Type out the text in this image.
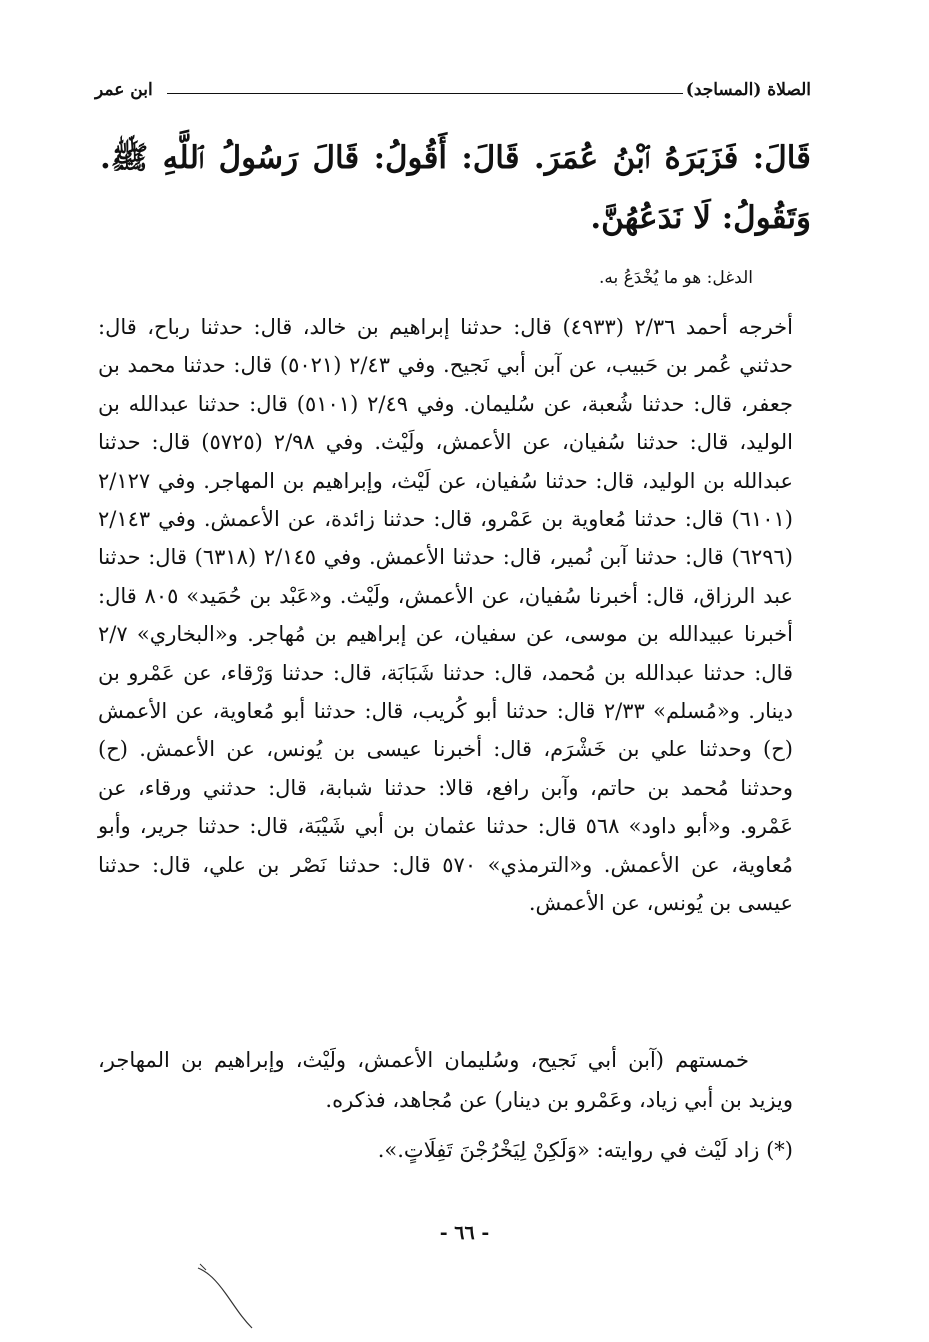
الصلاة (المساجد)
ابن عمر
قَالَ: فَزَبَرَهُ ٱبْنُ عُمَرَ. قَالَ: أَقُولُ: قَالَ رَسُولُ ٱللَّهِ ﷺ. وَتَقُولُ: لَا نَدَعُهُنَّ.
الدغل: هو ما يُخْدَعُ به.
أخرجه أحمد ٢/٣٦ (٤٩٣٣) قال: حدثنا إبراهيم بن خالد، قال: حدثنا رباح، قال: حدثني عُمر بن حَبيب، عن آبن أبي نَجيح. وفي ٢/٤٣ (٥٠٢١) قال: حدثنا محمد بن جعفر، قال: حدثنا شُعبة، عن سُليمان. وفي ٢/٤٩ (٥١٠١) قال: حدثنا عبدالله بن الوليد، قال: حدثنا سُفيان، عن الأعمش، ولَيْث. وفي ٢/٩٨ (٥٧٢٥) قال: حدثنا عبدالله بن الوليد، قال: حدثنا سُفيان، عن لَيْث، وإبراهيم بن المهاجر. وفي ٢/١٢٧ (٦١٠١) قال: حدثنا مُعاوية بن عَمْرو، قال: حدثنا زائدة، عن الأعمش. وفي ٢/١٤٣ (٦٢٩٦) قال: حدثنا آبن نُمير، قال: حدثنا الأعمش. وفي ٢/١٤٥ (٦٣١٨) قال: حدثنا عبد الرزاق، قال: أخبرنا سُفيان، عن الأعمش، ولَيْث. و«عَبْد بن حُمَيد» ٨٠٥ قال: أخبرنا عبيدالله بن موسى، عن سفيان، عن إبراهيم بن مُهاجر. و«البخاري» ٢/٧ قال: حدثنا عبدالله بن مُحمد، قال: حدثنا شَبَابَة، قال: حدثنا وَرْقاء، عن عَمْرو بن دينار. و«مُسلم» ٢/٣٣ قال: حدثنا أبو كُريب، قال: حدثنا أبو مُعاوية، عن الأعمش (ح) وحدثنا علي بن خَشْرَم، قال: أخبرنا عيسى بن يُونس، عن الأعمش. (ح) وحدثنا مُحمد بن حاتم، وآبن رافع، قالا: حدثنا شبابة، قال: حدثني ورقاء، عن عَمْرو. و«أبو داود» ٥٦٨ قال: حدثنا عثمان بن أبي شَيْبَة، قال: حدثنا جرير، وأبو مُعاوية، عن الأعمش. و«الترمذي» ٥٧٠ قال: حدثنا نَصْر بن علي، قال: حدثنا عيسى بن يُونس، عن الأعمش.
خمستهم (آبن أبي نَجيح، وسُليمان الأعمش، ولَيْث، وإبراهيم بن المهاجر، ويزيد بن أبي زياد، وعَمْرو بن دينار) عن مُجاهد، فذكره.
(*) زاد لَيْث في روايته: «وَلَكِنْ لِيَخْرُجْنَ تَفِلَاتٍ.».
- ٦٦ -
